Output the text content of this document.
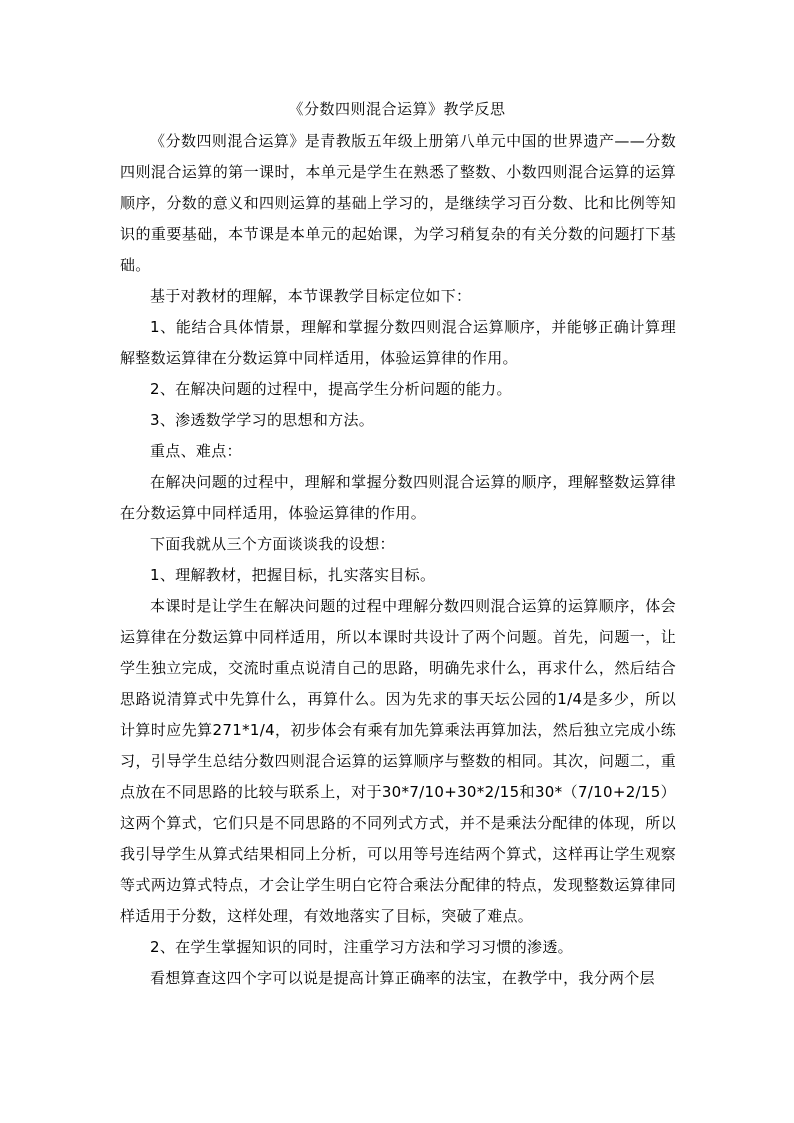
《分数四则混合运算》教学反思

《分数四则混合运算》是青教版五年级上册第八单元中国的世界遗产——分数四则混合运算的第一课时，本单元是学生在熟悉了整数、小数四则混合运算的运算顺序，分数的意义和四则运算的基础上学习的，是继续学习百分数、比和比例等知识的重要基础，本节课是本单元的起始课，为学习稍复杂的有关分数的问题打下基础。

基于对教材的理解，本节课教学目标定位如下：

1、能结合具体情景，理解和掌握分数四则混合运算顺序，并能够正确计算理解整数运算律在分数运算中同样适用，体验运算律的作用。

2、在解决问题的过程中，提高学生分析问题的能力。

3、渗透数学学习的思想和方法。

重点、难点：

在解决问题的过程中，理解和掌握分数四则混合运算的顺序，理解整数运算律在分数运算中同样适用，体验运算律的作用。

下面我就从三个方面谈谈我的设想：

1、理解教材，把握目标，扎实落实目标。

本课时是让学生在解决问题的过程中理解分数四则混合运算的运算顺序，体会运算律在分数运算中同样适用，所以本课时共设计了两个问题。首先，问题一，让学生独立完成，交流时重点说清自己的思路，明确先求什么，再求什么，然后结合思路说清算式中先算什么，再算什么。因为先求的事天坛公园的1/4是多少，所以计算时应先算271*1/4，初步体会有乘有加先算乘法再算加法，然后独立完成小练习，引导学生总结分数四则混合运算的运算顺序与整数的相同。其次，问题二，重点放在不同思路的比较与联系上，对于30*7/10+30*2/15和30*（7/10+2/15）这两个算式，它们只是不同思路的不同列式方式，并不是乘法分配律的体现，所以我引导学生从算式结果相同上分析，可以用等号连结两个算式，这样再让学生观察等式两边算式特点，才会让学生明白它符合乘法分配律的特点，发现整数运算律同样适用于分数，这样处理，有效地落实了目标，突破了难点。

2、在学生掌握知识的同时，注重学习方法和学习习惯的渗透。

看想算查这四个字可以说是提高计算正确率的法宝，在教学中，我分两个层
